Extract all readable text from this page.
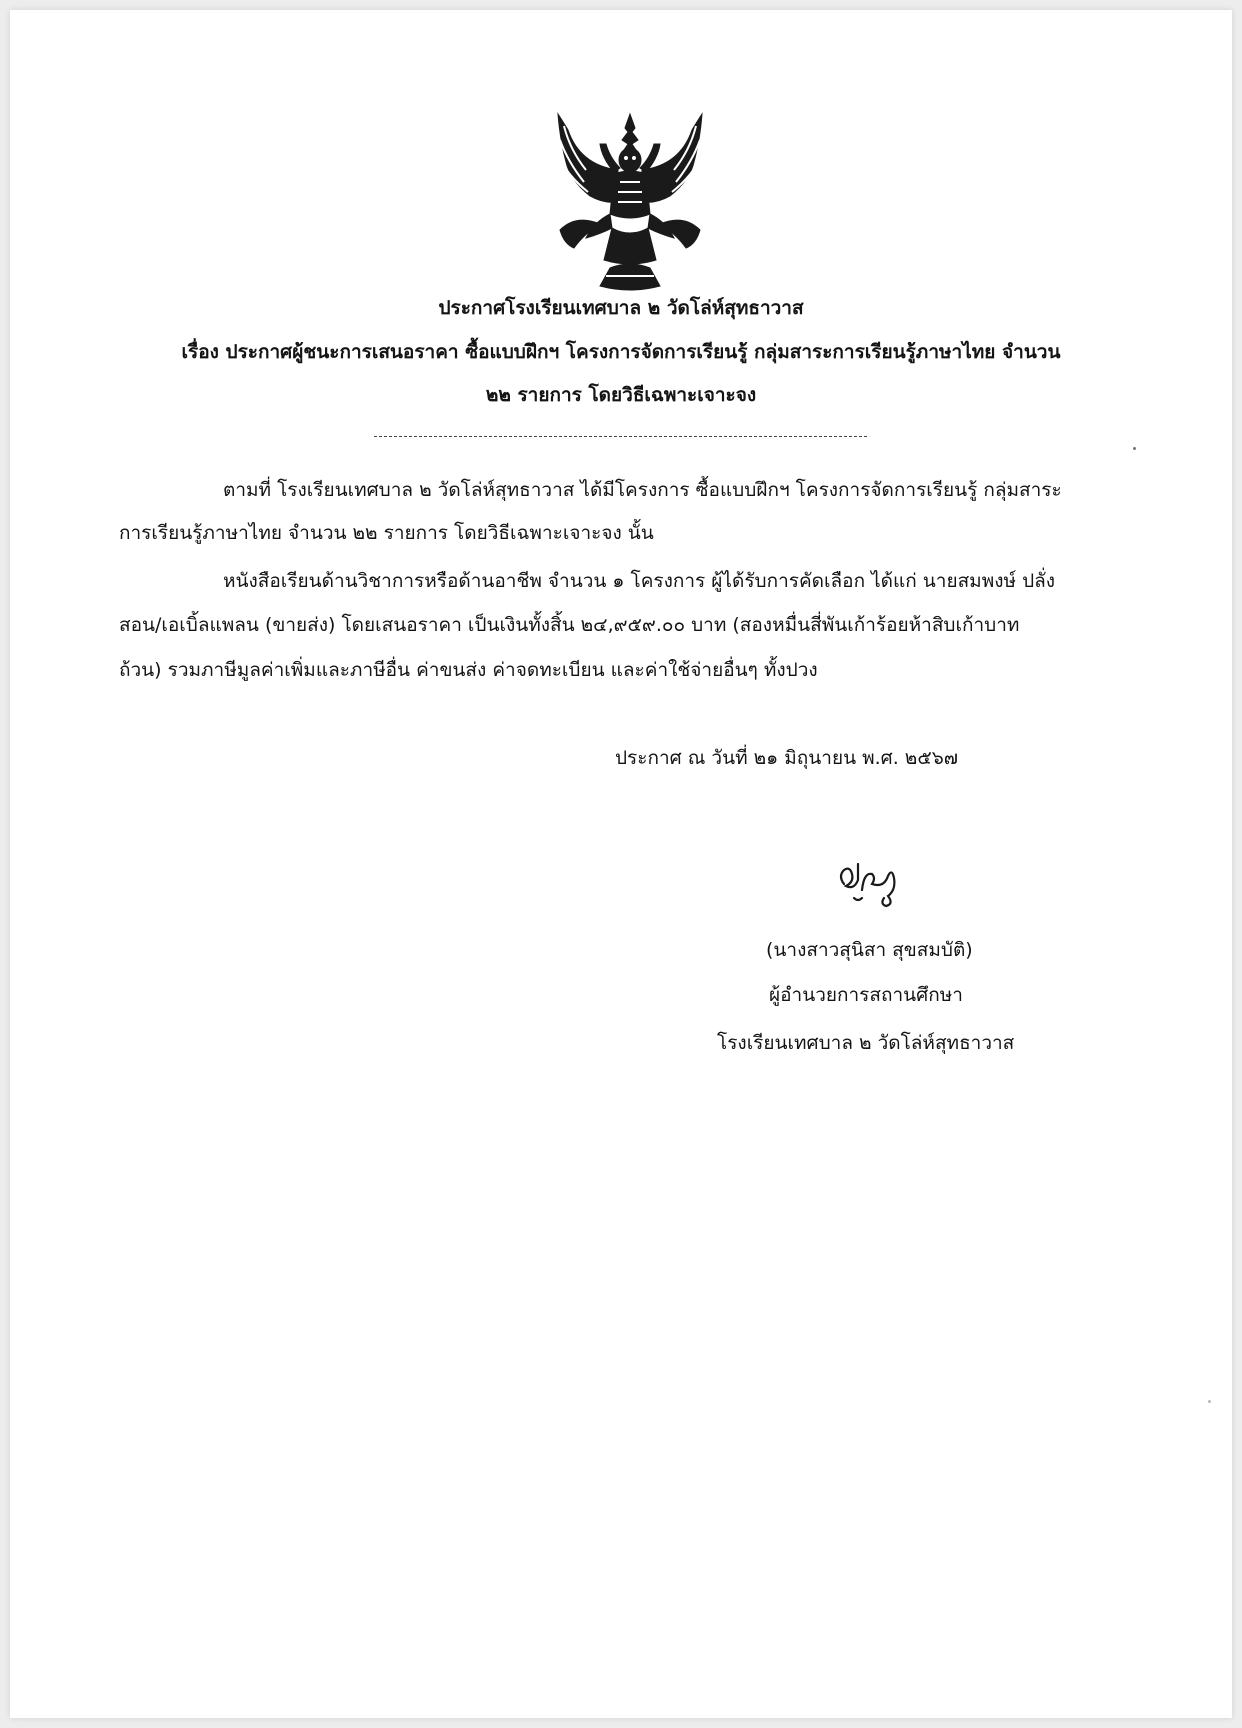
ประกาศโรงเรียนเทศบาล ๒ วัดโล่ห์สุทธาวาส
เรื่อง ประกาศผู้ชนะการเสนอราคา ซื้อแบบฝึกฯ โครงการจัดการเรียนรู้ กลุ่มสาระการเรียนรู้ภาษาไทย จำนวน
๒๒ รายการ โดยวิธีเฉพาะเจาะจง
ตามที่ โรงเรียนเทศบาล ๒ วัดโล่ห์สุทธาวาส ได้มีโครงการ ซื้อแบบฝึกฯ โครงการจัดการเรียนรู้ กลุ่มสาระ
การเรียนรู้ภาษาไทย จำนวน ๒๒ รายการ โดยวิธีเฉพาะเจาะจง นั้น
หนังสือเรียนด้านวิชาการหรือด้านอาชีพ จำนวน ๑ โครงการ ผู้ได้รับการคัดเลือก ได้แก่ นายสมพงษ์ ปลั่ง
สอน/เอเบิ้ลแพลน (ขายส่ง) โดยเสนอราคา เป็นเงินทั้งสิ้น ๒๔,๙๕๙.๐๐ บาท (สองหมื่นสี่พันเก้าร้อยห้าสิบเก้าบาท
ถ้วน) รวมภาษีมูลค่าเพิ่มและภาษีอื่น ค่าขนส่ง ค่าจดทะเบียน และค่าใช้จ่ายอื่นๆ ทั้งปวง
ประกาศ ณ วันที่ ๒๑ มิถุนายน พ.ศ. ๒๕๖๗
(นางสาวสุนิสา สุขสมบัติ)
ผู้อำนวยการสถานศึกษา
โรงเรียนเทศบาล ๒ วัดโล่ห์สุทธาวาส
